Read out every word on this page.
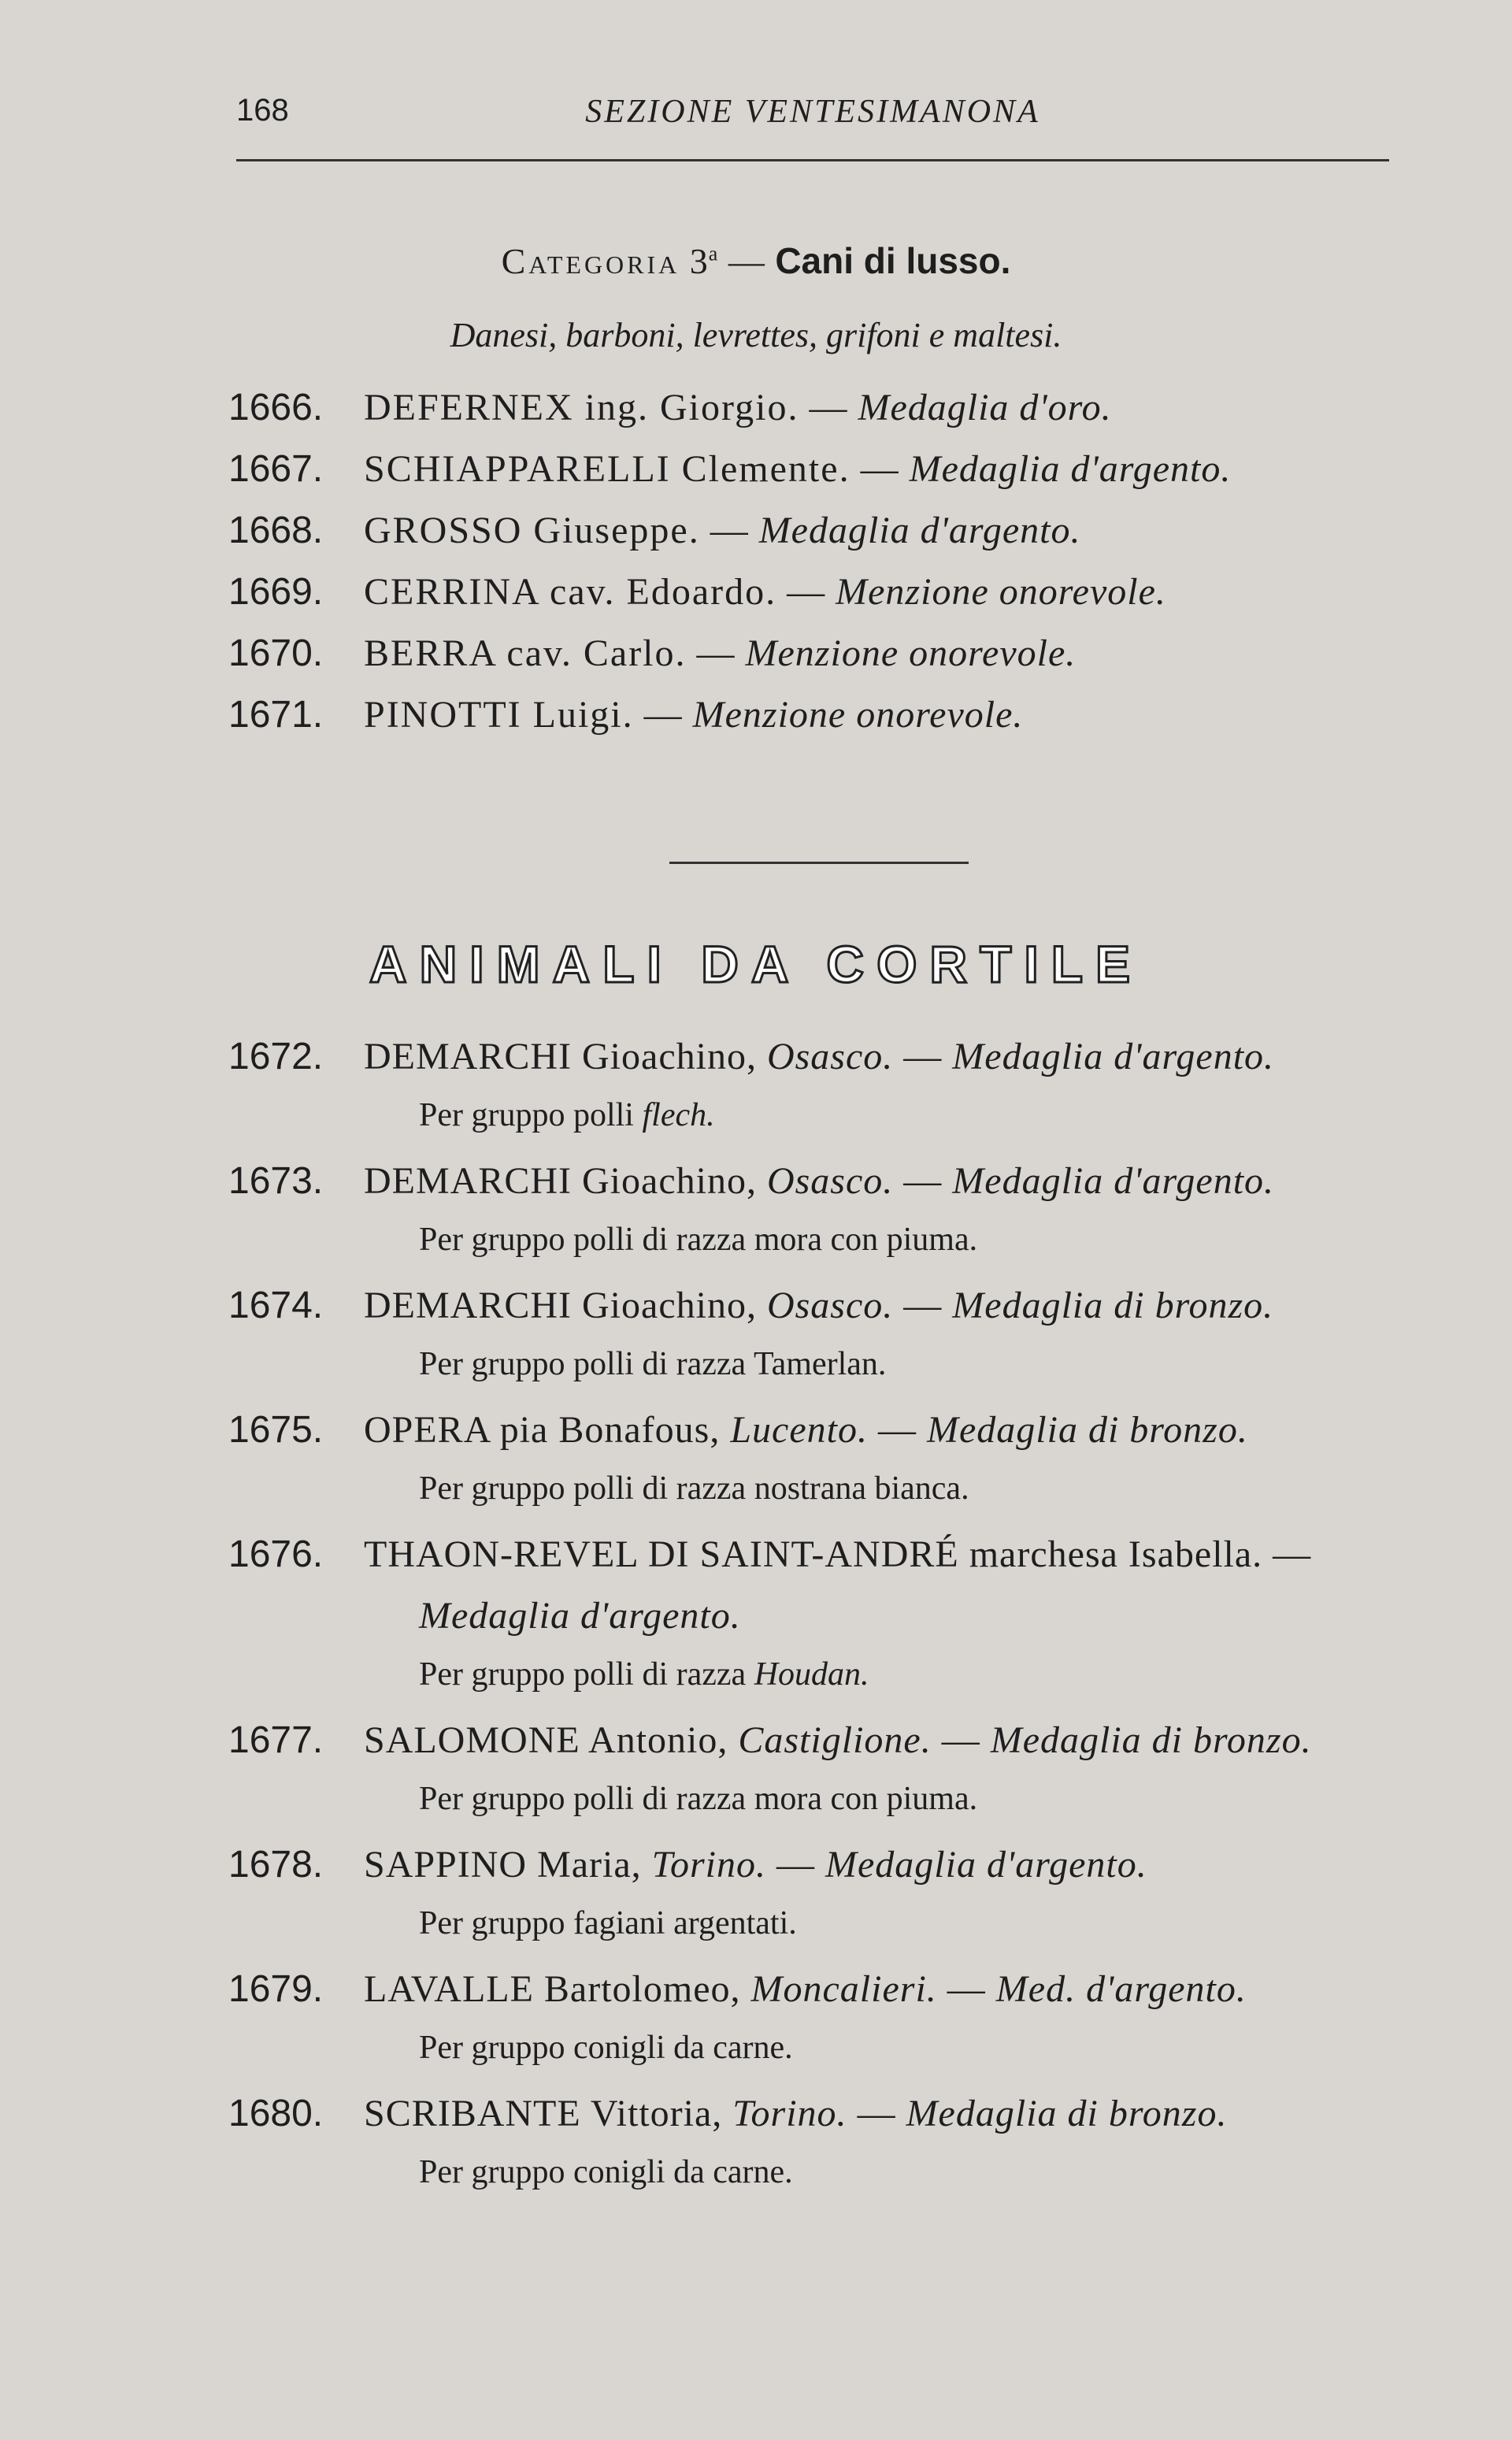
168	SEZIONE VENTESIMANONA
Categoria 3$^a$ — Cani di lusso.
Danesi, barboni, levrettes, grifoni e maltesi.
1666. DEFERNEX ing. Giorgio. — Medaglia d'oro.
1667. SCHIAPPARELLI Clemente. — Medaglia d'argento.
1668. GROSSO Giuseppe. — Medaglia d'argento.
1669. CERRINA cav. Edoardo. — Menzione onorevole.
1670. BERRA cav. Carlo. — Menzione onorevole.
1671. PINOTTI Luigi. — Menzione onorevole.
ANIMALI DA CORTILE
1672. DEMARCHI Gioachino, Osasco. — Medaglia d'argento.
Per gruppo polli flech.
1673. DEMARCHI Gioachino, Osasco. — Medaglia d'argento.
Per gruppo polli di razza mora con piuma.
1674. DEMARCHI Gioachino, Osasco. — Medaglia di bronzo.
Per gruppo polli di razza Tamerlan.
1675. OPERA pia Bonafous, Lucento. — Medaglia di bronzo.
Per gruppo polli di razza nostrana bianca.
1676. THAON-REVEL DI SAINT-ANDRÉ marchesa Isabella. —
Medaglia d'argento.
Per gruppo polli di razza Houdan.
1677. SALOMONE Antonio, Castiglione. — Medaglia di bronzo.
Per gruppo polli di razza mora con piuma.
1678. SAPPINO Maria, Torino. — Medaglia d'argento.
Per gruppo fagiani argentati.
1679. LAVALLE Bartolomeo, Moncalieri. — Med. d'argento.
Per gruppo conigli da carne.
1680. SCRIBANTE Vittoria, Torino. — Medaglia di bronzo.
Per gruppo conigli da carne.
